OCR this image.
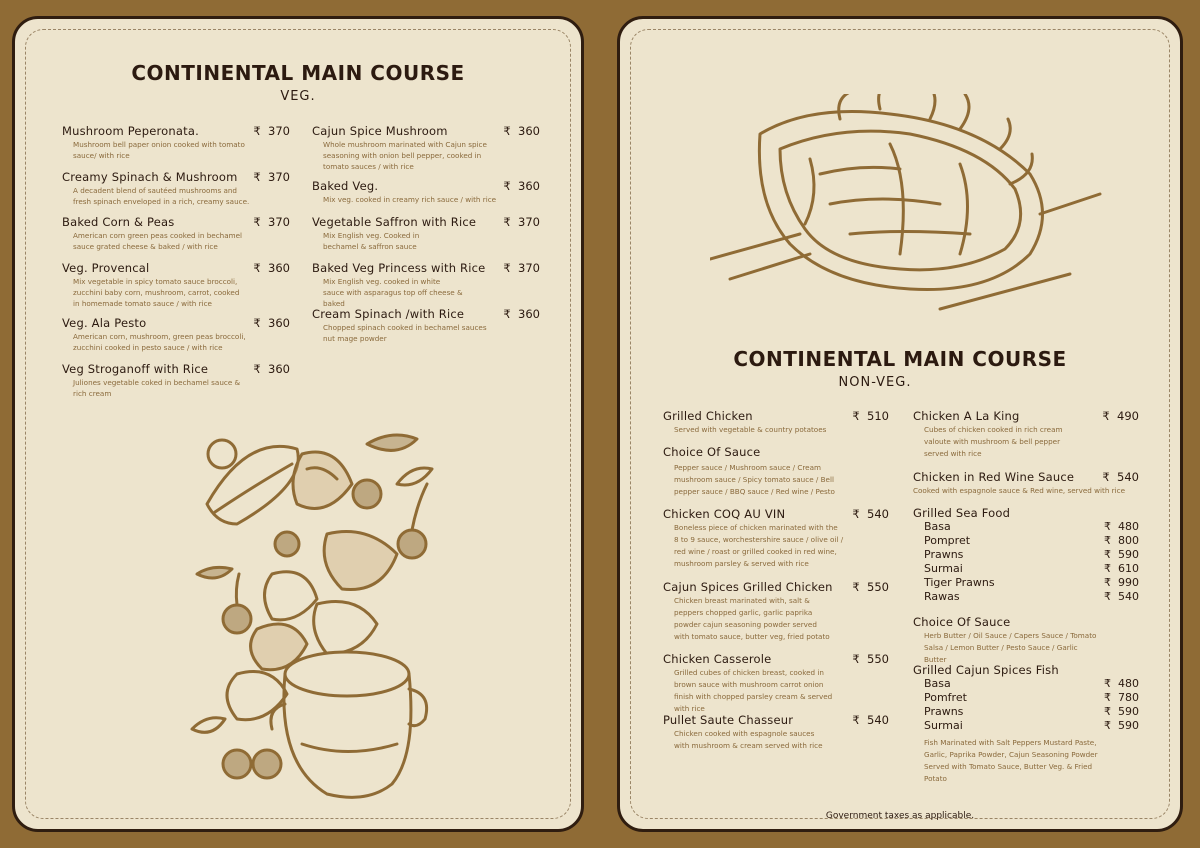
CONTINENTAL MAIN COURSE
VEG.
Mushroom Peperonata.	₹ 370
Mushroom bell paper onion cooked with tomato sauce/ with rice
Creamy Spinach & Mushroom ₹ 370
A decadent blend of sautéed mushrooms and fresh spinach enveloped in a rich, creamy sauce.
Baked Corn & Peas	₹ 370
American corn green peas cooked in bechamel sauce grated cheese & baked / with rice
Veg. Provencal	₹ 360
Mix vegetable in spicy tomato sauce broccoli, zucchini baby corn, mushroom, carrot, cooked in homemade tomato sauce / with rice
Veg. Ala Pesto	₹ 360
American corn, mushroom, green peas broccoli, zucchini cooked in pesto sauce / with rice
Veg Stroganoff with Rice	₹ 360
Juliones vegetable coked in bechamel sauce & rich cream
Cajun Spice Mushroom	₹ 360
Whole mushroom marinated with Cajun spice seasoning with onion bell pepper, cooked in tomato sauces / with rice
Baked Veg.	₹ 360
Mix veg. cooked in creamy rich sauce / with rice
Vegetable Saffron with Rice ₹ 370
Mix English veg. Cooked in bechamel & saffron sauce
Baked Veg Princess with Rice ₹ 370
Mix English veg. cooked in white sauce with asparagus top off cheese & baked
Cream Spinach /with Rice	₹ 360
Chopped spinach cooked in bechamel sauces nut mage powder
CONTINENTAL MAIN COURSE
NON-VEG.
Grilled Chicken	₹ 510
Served with vegetable & country potatoes
Choice Of Sauce
Pepper sauce / Mushroom sauce / Cream mushroom sauce / Spicy tomato sauce / Bell pepper sauce / BBQ sauce / Red wine / Pesto
Chicken COQ AU VIN	₹ 540
Boneless piece of chicken marinated with the 8 to 9 sauce, worchestershire sauce / olive oil / red wine / roast or grilled cooked in red wine, mushroom parsley & served with rice
Cajun Spices Grilled Chicken ₹ 550
Chicken breast marinated with, salt & peppers chopped garlic, garlic paprika powder cajun seasoning powder served with tomato sauce, butter veg, fried potato
Chicken Casserole	₹ 550
Grilled cubes of chicken breast, cooked in brown sauce with mushroom carrot onion finish with chopped parsley cream & served with rice
Pullet Saute Chasseur	₹ 540
Chicken cooked with espagnole sauces with mushroom & cream served with rice
Chicken A La King	₹ 490
Cubes of chicken cooked in rich cream valoute with mushroom & bell pepper served with rice
Chicken in Red Wine Sauce ₹ 540
Cooked with espagnole sauce & Red wine, served with rice
Grilled Sea Food
Basa	₹ 480
Pompret	₹ 800
Prawns	₹ 590
Surmai	₹ 610
Tiger Prawns	₹ 990
Rawas	₹ 540
Choice Of Sauce
Herb Butter / Oil Sauce / Capers Sauce / Tomato Salsa / Lemon Butter / Pesto Sauce / Garlic Butter
Grilled Cajun Spices Fish
Basa	₹ 480
Pomfret	₹ 780
Prawns	₹ 590
Surmai	₹ 590
Fish Marinated with Salt Peppers Mustard Paste, Garlic, Paprika Powder, Cajun Seasoning Powder Served with Tomato Sauce, Butter Veg. & Fried Potato
Government taxes as applicable.
